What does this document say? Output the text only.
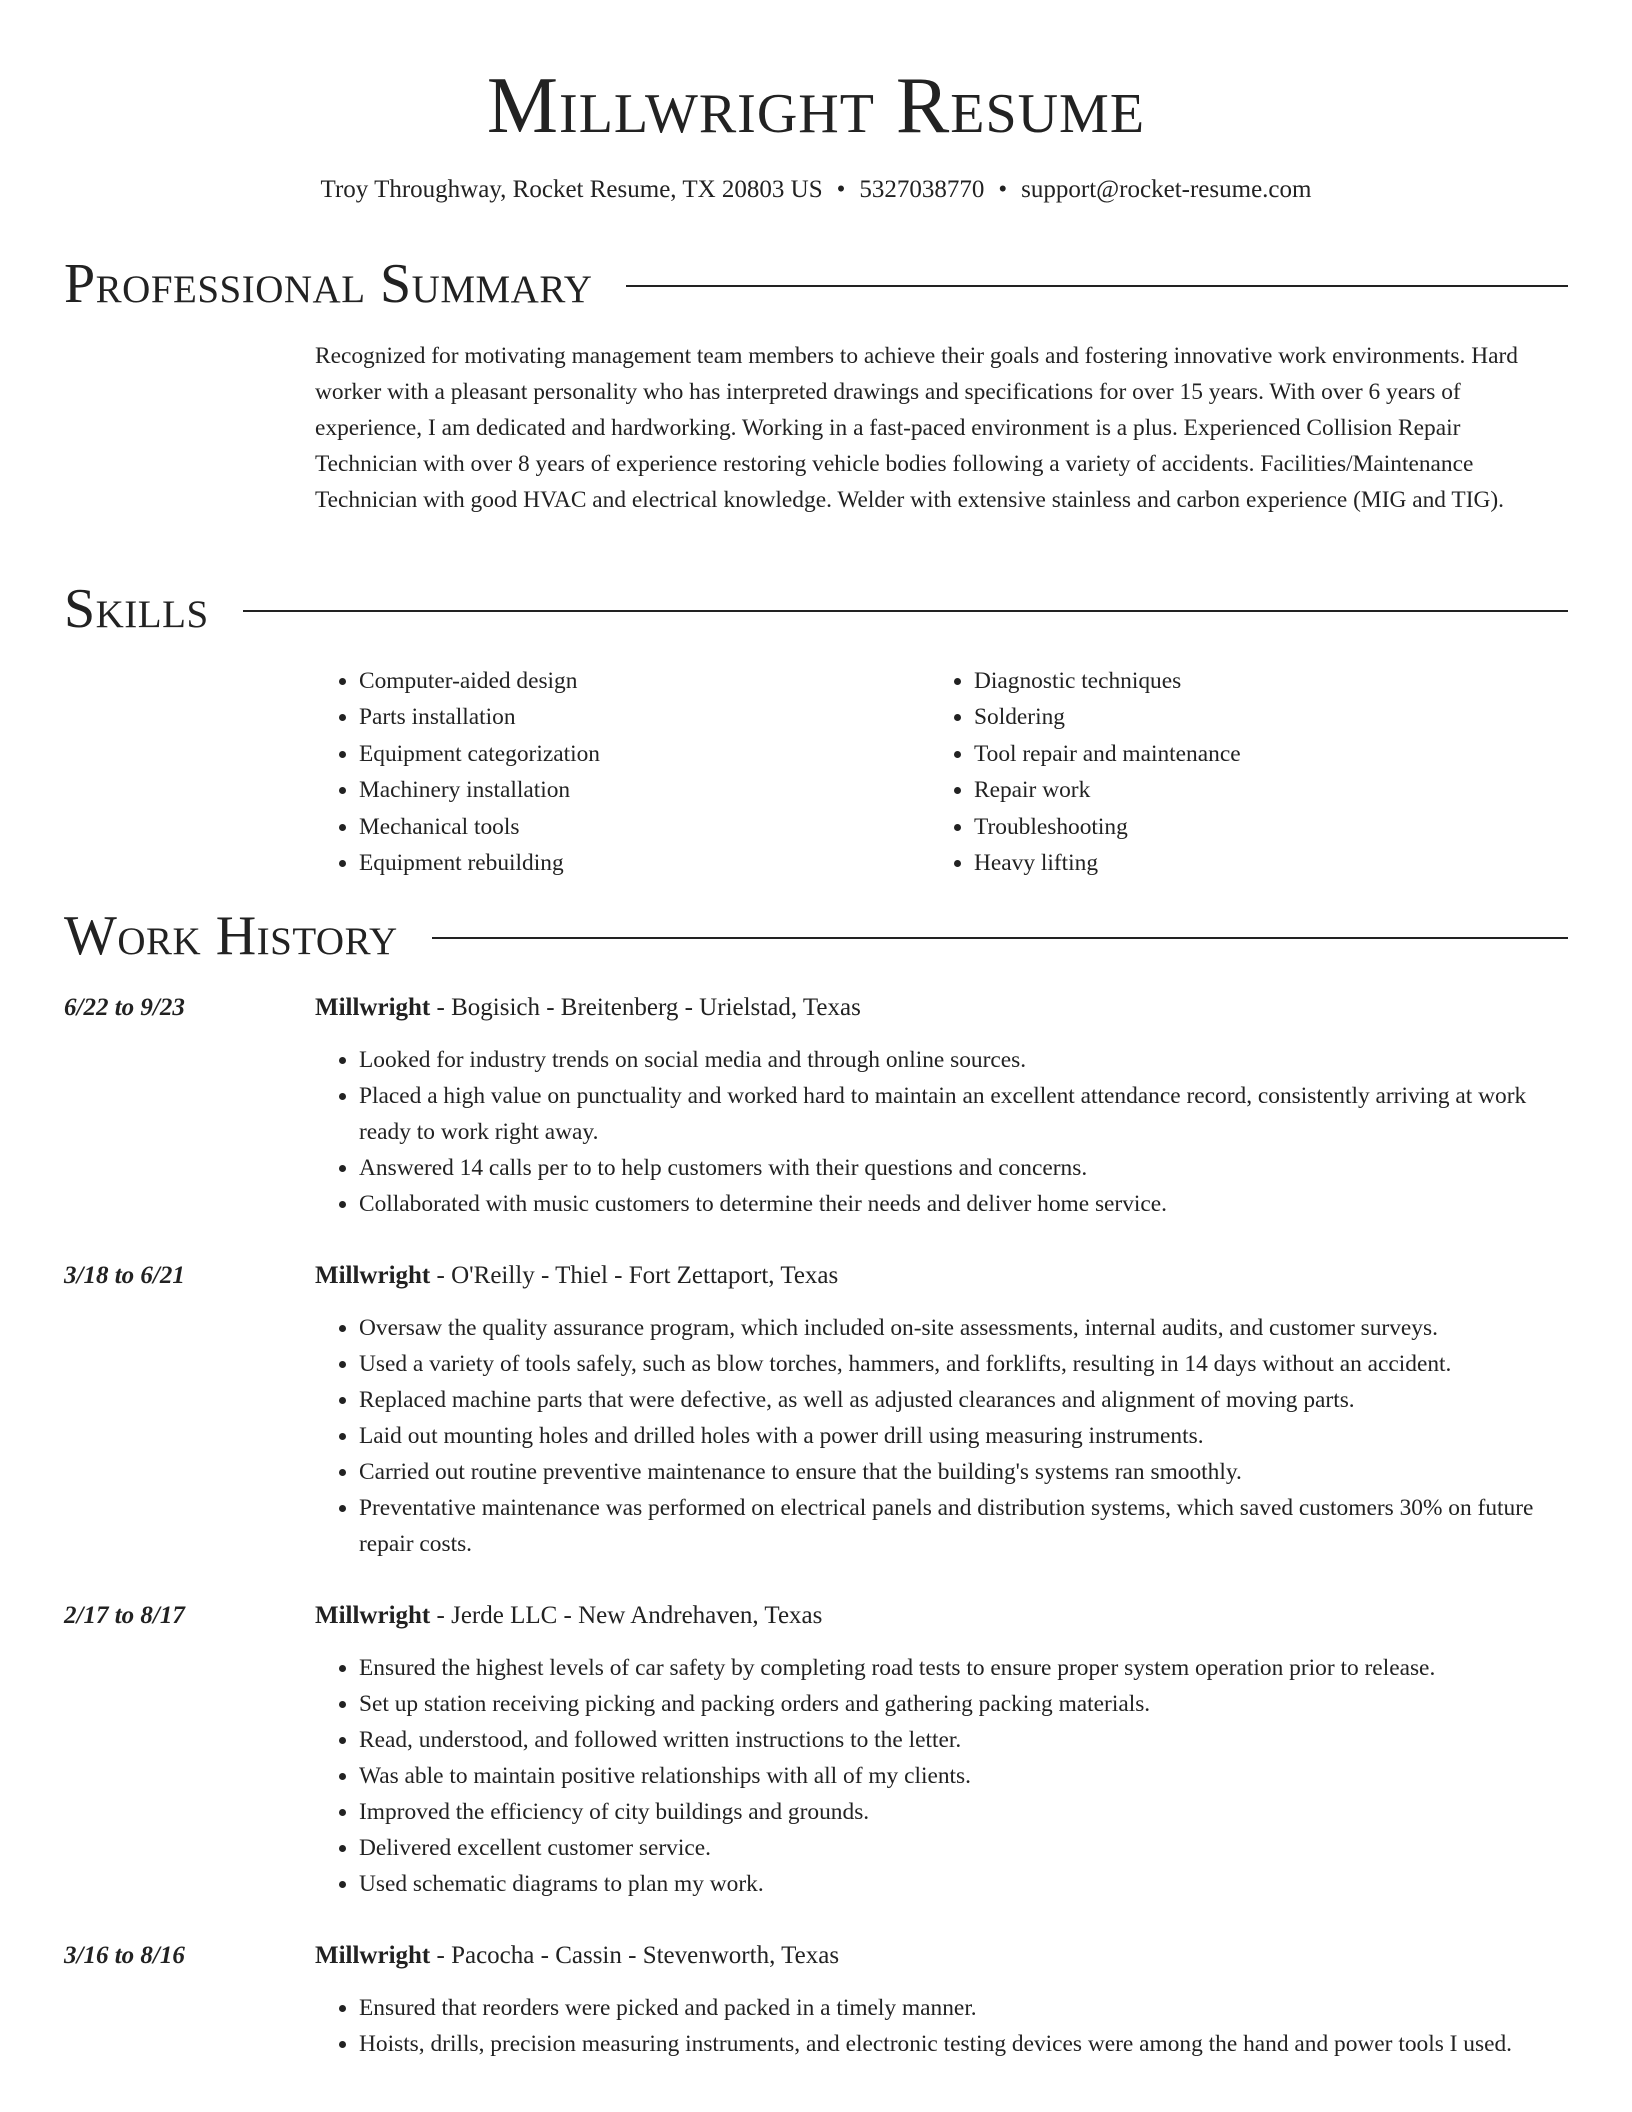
Millwright Resume
Troy Throughway, Rocket Resume, TX 20803 US • 5327038770 • support@rocket-resume.com
Professional Summary
Recognized for motivating management team members to achieve their goals and fostering innovative work environments. Hard worker with a pleasant personality who has interpreted drawings and specifications for over 15 years. With over 6 years of experience, I am dedicated and hardworking. Working in a fast-paced environment is a plus. Experienced Collision Repair Technician with over 8 years of experience restoring vehicle bodies following a variety of accidents. Facilities/Maintenance Technician with good HVAC and electrical knowledge. Welder with extensive stainless and carbon experience (MIG and TIG).
Skills
• Computer-aided design
• Parts installation
• Equipment categorization
• Machinery installation
• Mechanical tools
• Equipment rebuilding
• Diagnostic techniques
• Soldering
• Tool repair and maintenance
• Repair work
• Troubleshooting
• Heavy lifting
Work History
6/22 to 9/23	Millwright - Bogisich - Breitenberg - Urielstad, Texas
• Looked for industry trends on social media and through online sources.
• Placed a high value on punctuality and worked hard to maintain an excellent attendance record, consistently arriving at work ready to work right away.
• Answered 14 calls per to to help customers with their questions and concerns.
• Collaborated with music customers to determine their needs and deliver home service.
3/18 to 6/21	Millwright - O'Reilly - Thiel - Fort Zettaport, Texas
• Oversaw the quality assurance program, which included on-site assessments, internal audits, and customer surveys.
• Used a variety of tools safely, such as blow torches, hammers, and forklifts, resulting in 14 days without an accident.
• Replaced machine parts that were defective, as well as adjusted clearances and alignment of moving parts.
• Laid out mounting holes and drilled holes with a power drill using measuring instruments.
• Carried out routine preventive maintenance to ensure that the building's systems ran smoothly.
• Preventative maintenance was performed on electrical panels and distribution systems, which saved customers 30% on future repair costs.
2/17 to 8/17	Millwright - Jerde LLC - New Andrehaven, Texas
• Ensured the highest levels of car safety by completing road tests to ensure proper system operation prior to release.
• Set up station receiving picking and packing orders and gathering packing materials.
• Read, understood, and followed written instructions to the letter.
• Was able to maintain positive relationships with all of my clients.
• Improved the efficiency of city buildings and grounds.
• Delivered excellent customer service.
• Used schematic diagrams to plan my work.
3/16 to 8/16	Millwright - Pacocha - Cassin - Stevenworth, Texas
• Ensured that reorders were picked and packed in a timely manner.
• Hoists, drills, precision measuring instruments, and electronic testing devices were among the hand and power tools I used.
